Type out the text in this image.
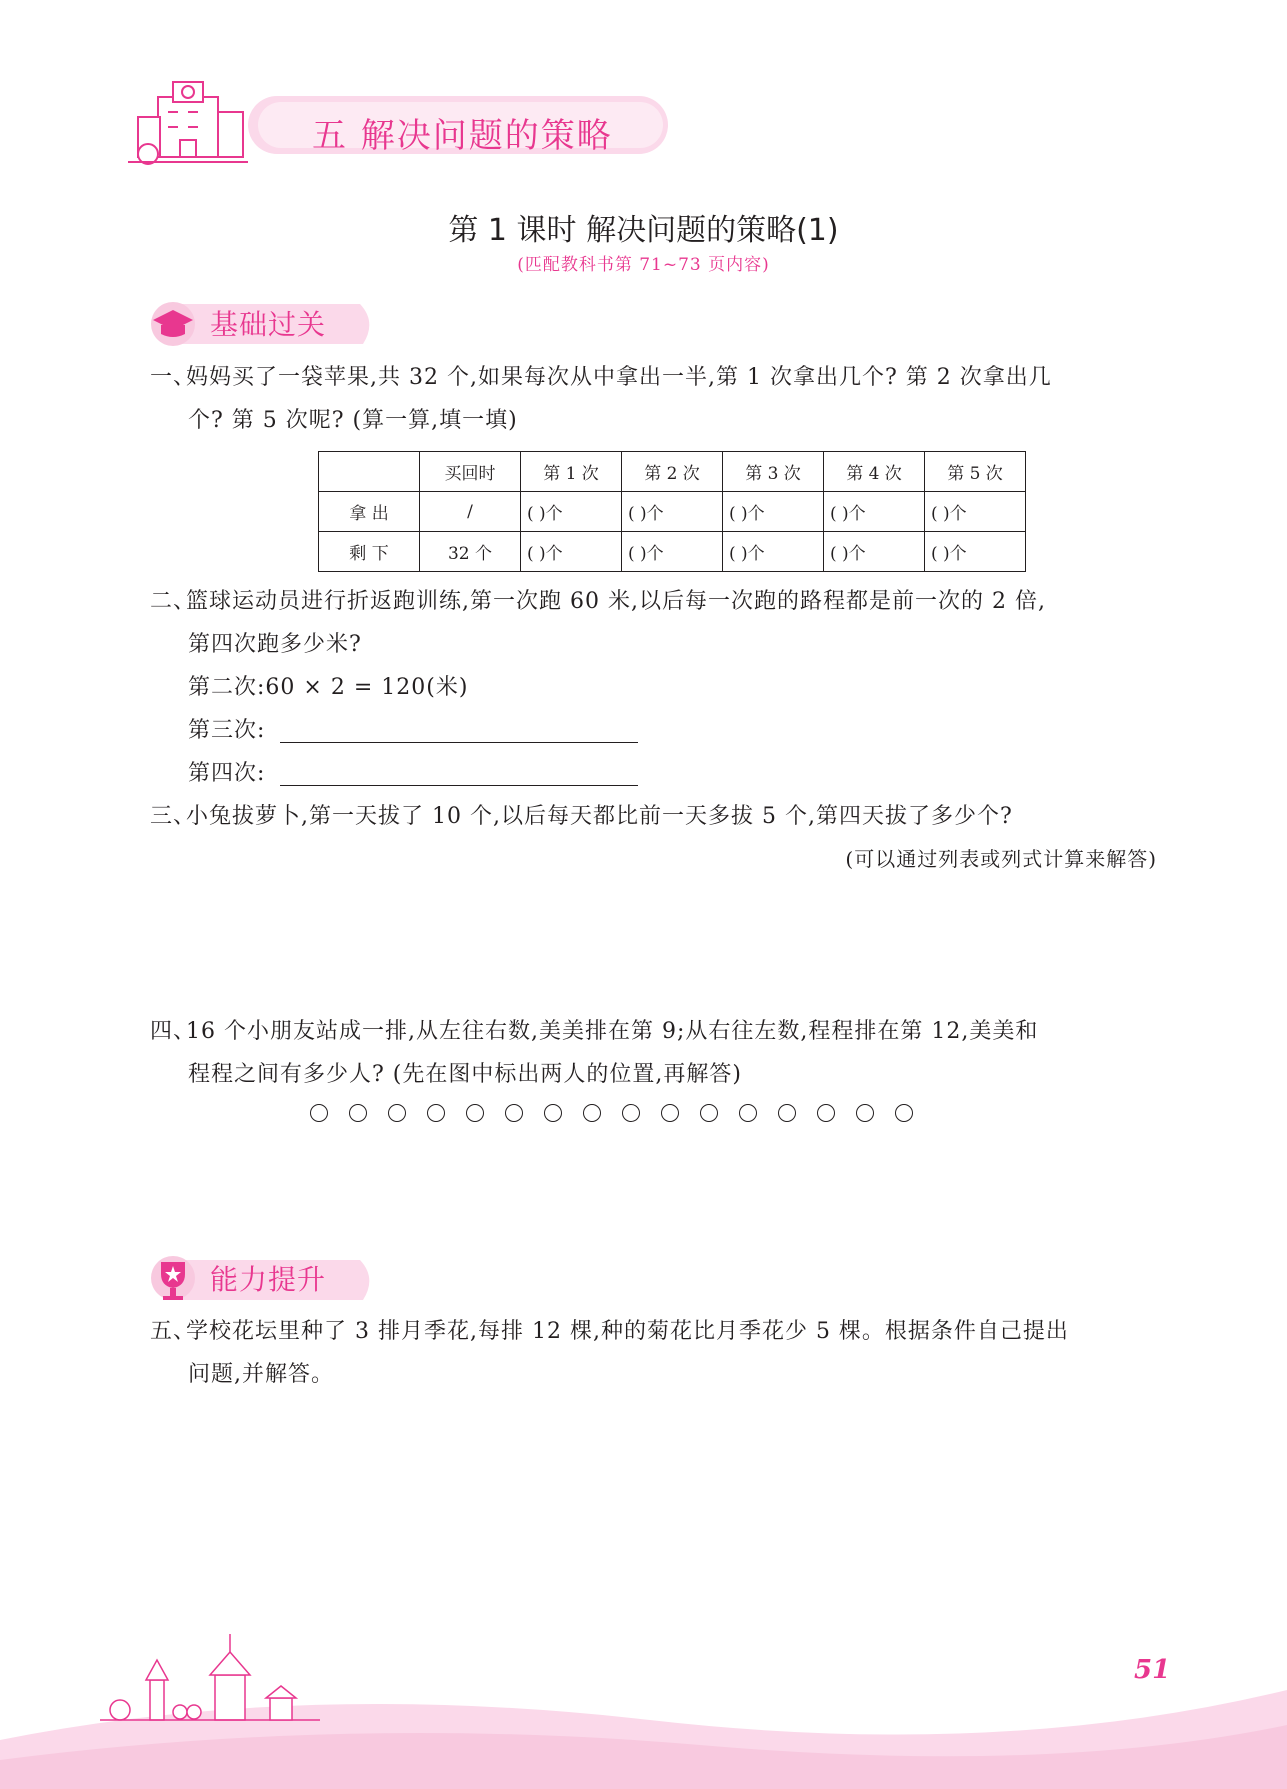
五 解决问题的策略
第 1 课时 解决问题的策略(1)
(匹配教科书第 71~73 页内容)
基础过关
一、妈妈买了一袋苹果,共 32 个,如果每次从中拿出一半,第 1 次拿出几个? 第 2 次拿出几
个? 第 5 次呢? (算一算,填一填)
	买回时	第 1 次	第 2 次	第 3 次	第 4 次	第 5 次
拿 出	/	( )个	( )个	( )个	( )个	( )个
剩 下	32 个	( )个	( )个	( )个	( )个	( )个
二、篮球运动员进行折返跑训练,第一次跑 60 米,以后每一次跑的路程都是前一次的 2 倍,
第四次跑多少米?
第二次:60 × 2 = 120(米)
第三次:
第四次:
三、小兔拔萝卜,第一天拔了 10 个,以后每天都比前一天多拔 5 个,第四天拔了多少个?
(可以通过列表或列式计算来解答)
四、16 个小朋友站成一排,从左往右数,美美排在第 9;从右往左数,程程排在第 12,美美和
程程之间有多少人? (先在图中标出两人的位置,再解答)
能力提升
五、学校花坛里种了 3 排月季花,每排 12 棵,种的菊花比月季花少 5 棵。根据条件自己提出
问题,并解答。
51
